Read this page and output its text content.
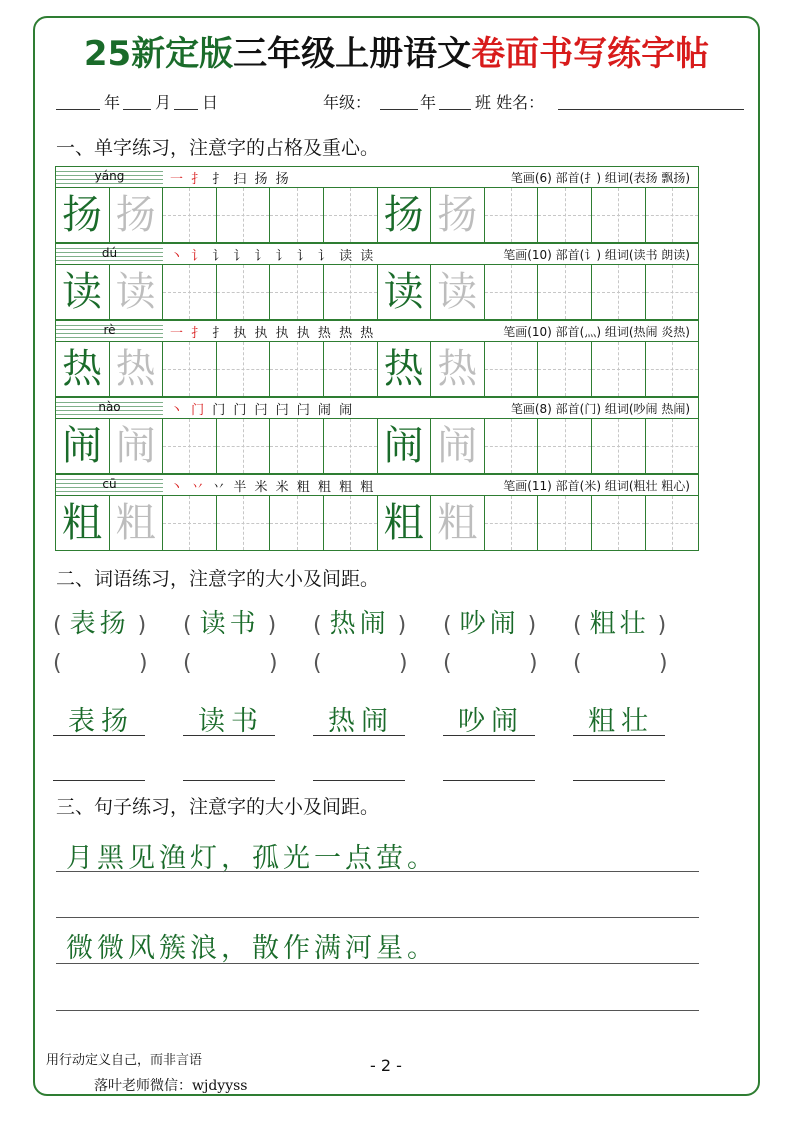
25新定版三年级上册语文卷面书写练字帖
年 月 日	年级：	年 班 姓名：
一、单字练习，注意字的占格及重心。
yáng	一 扌 扌 扫 扬 扬	笔画(6) 部首(扌) 组词(表扬 飘扬)
扬 扬	扬 扬
dú	丶 讠 讠 讠 讠 讠 讠 讠 读 读	笔画(10) 部首(讠) 组词(读书 朗读)
读 读	读 读
rè	一 扌 扌 执 执 执 执 热 热 热	笔画(10) 部首(灬) 组词(热闹 炎热)
热 热	热 热
nào	丶 门 门 门 闩 闩 闩 闹 闹	笔画(8) 部首(门) 组词(吵闹 热闹)
闹 闹	闹 闹
cū	丶 丷 丷 半 米 米 粗 粗 粗 粗	笔画(11) 部首(米) 组词(粗壮 粗心)
粗 粗	粗 粗
二、词语练习，注意字的大小及间距。
( 表扬 )
(	)
表扬
( 读书 )
(	)
读书
( 热闹 )
(	)
热闹
( 吵闹 )
(	)
吵闹
( 粗壮 )
(	)
粗壮
三、句子练习，注意字的大小及间距。
月黑见渔灯，孤光一点萤。
微微风簇浪，散作满河星。
用行动定义自己，而非言语	- 2 -
落叶老师微信：wjdyyss
